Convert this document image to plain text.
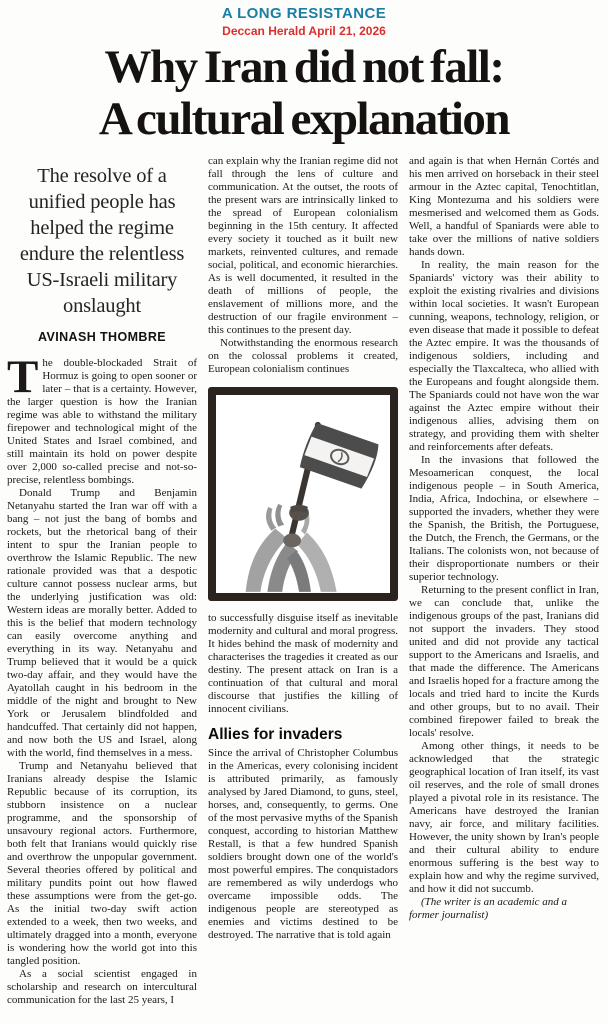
A LONG RESISTANCE
Deccan Herald April 21, 2026
Why Iran did not fall:
A cultural explanation
The resolve of a unified people has helped the regime endure the relentless US-Israeli military onslaught
AVINASH THOMBRE

The double-blockaded Strait of Hormuz is going to open sooner or later – that is a certainty. However, the larger question is how the Iranian regime was able to withstand the military firepower and technological might of the United States and Israel combined, and still maintain its hold on power despite over 2,000 so-called precise and not-so-precise, relentless bombings.

Donald Trump and Benjamin Netanyahu started the Iran war off with a bang – not just the bang of bombs and rockets, but the rhetorical bang of their intent to spur the Iranian people to overthrow the Islamic Republic. The new rationale provided was that a despotic culture cannot possess nuclear arms, but the underlying justification was old: Western ideas are morally better. Added to this is the belief that modern technology can easily overcome anything and everything in its way. Netanyahu and Trump believed that it would be a quick two-day affair, and they would have the Ayatollah caught in his bedroom in the middle of the night and brought to New York or Jerusalem blindfolded and handcuffed. That certainly did not happen, and now both the US and Israel, along with the world, find themselves in a mess.

Trump and Netanyahu believed that Iranians already despise the Islamic Republic because of its corruption, its stubborn insistence on a nuclear programme, and the sponsorship of unsavoury regional actors. Furthermore, both felt that Iranians would quickly rise and overthrow the unpopular government. Several theories offered by political and military pundits point out how flawed these assumptions were from the get-go. As the initial two-day swift action extended to a week, then two weeks, and ultimately dragged into a month, everyone is wondering how the world got into this tangled position.

As a social scientist engaged in scholarship and research on intercultural communication for the last 25 years, I

can explain why the Iranian regime did not fall through the lens of culture and communication. At the outset, the roots of the present wars are intrinsically linked to the spread of European colonialism beginning in the 15th century. It affected every society it touched as it built new markets, reinvented cultures, and remade social, political, and economic hierarchies. As is well documented, it resulted in the death of millions of people, the enslavement of millions more, and the destruction of our fragile environment – this continues to the present day.

Notwithstanding the enormous research on the colossal problems it created, European colonialism continues

to successfully disguise itself as inevitable modernity and cultural and moral progress. It hides behind the mask of modernity and characterises the tragedies it created as our destiny. The present attack on Iran is a continuation of that cultural and moral discourse that justifies the killing of innocent civilians.

Allies for invaders

Since the arrival of Christopher Columbus in the Americas, every colonising incident is attributed primarily, as famously analysed by Jared Diamond, to guns, steel, horses, and, consequently, to germs. One of the most pervasive myths of the Spanish conquest, according to historian Matthew Restall, is that a few hundred Spanish soldiers brought down one of the world's most powerful empires. The conquistadors are remembered as wily underdogs who overcame impossible odds. The indigenous people are stereotyped as enemies and victims destined to be destroyed. The narrative that is told again

and again is that when Hernán Cortés and his men arrived on horseback in their steel armour in the Aztec capital, Tenochtitlan, King Montezuma and his soldiers were mesmerised and welcomed them as Gods. Well, a handful of Spaniards were able to take over the millions of native soldiers hands down.

In reality, the main reason for the Spaniards' victory was their ability to exploit the existing rivalries and divisions within local societies. It wasn't European cunning, weapons, technology, religion, or even disease that made it possible to defeat the Aztec empire. It was the thousands of indigenous soldiers, including and especially the Tlaxcalteca, who allied with the Europeans and fought alongside them. The Spaniards could not have won the war against the Aztec empire without their indigenous allies, advising them on strategy, and providing them with shelter and reinforcements after defeats.

In the invasions that followed the Mesoamerican conquest, the local indigenous people – in South America, India, Africa, Indochina, or elsewhere – supported the invaders, whether they were the Spanish, the British, the Portuguese, the Dutch, the French, the Germans, or the Italians. The colonists won, not because of their disproportionate numbers or their superior technology.

Returning to the present conflict in Iran, we can conclude that, unlike the indigenous groups of the past, Iranians did not support the invaders. They stood united and did not provide any tactical support to the Americans and Israelis, and that made the difference. The Americans and Israelis hoped for a fracture among the locals and tried hard to incite the Kurds and other groups, but to no avail. Their combined firepower failed to break the locals' resolve.

Among other things, it needs to be acknowledged that the strategic geographical location of Iran itself, its vast oil reserves, and the role of small drones played a pivotal role in its resistance. The Americans have destroyed the Iranian navy, air force, and military facilities. However, the unity shown by Iran's people and their cultural ability to endure enormous suffering is the best way to explain how and why the regime survived, and how it did not succumb.

(The writer is an academic and a former journalist)
